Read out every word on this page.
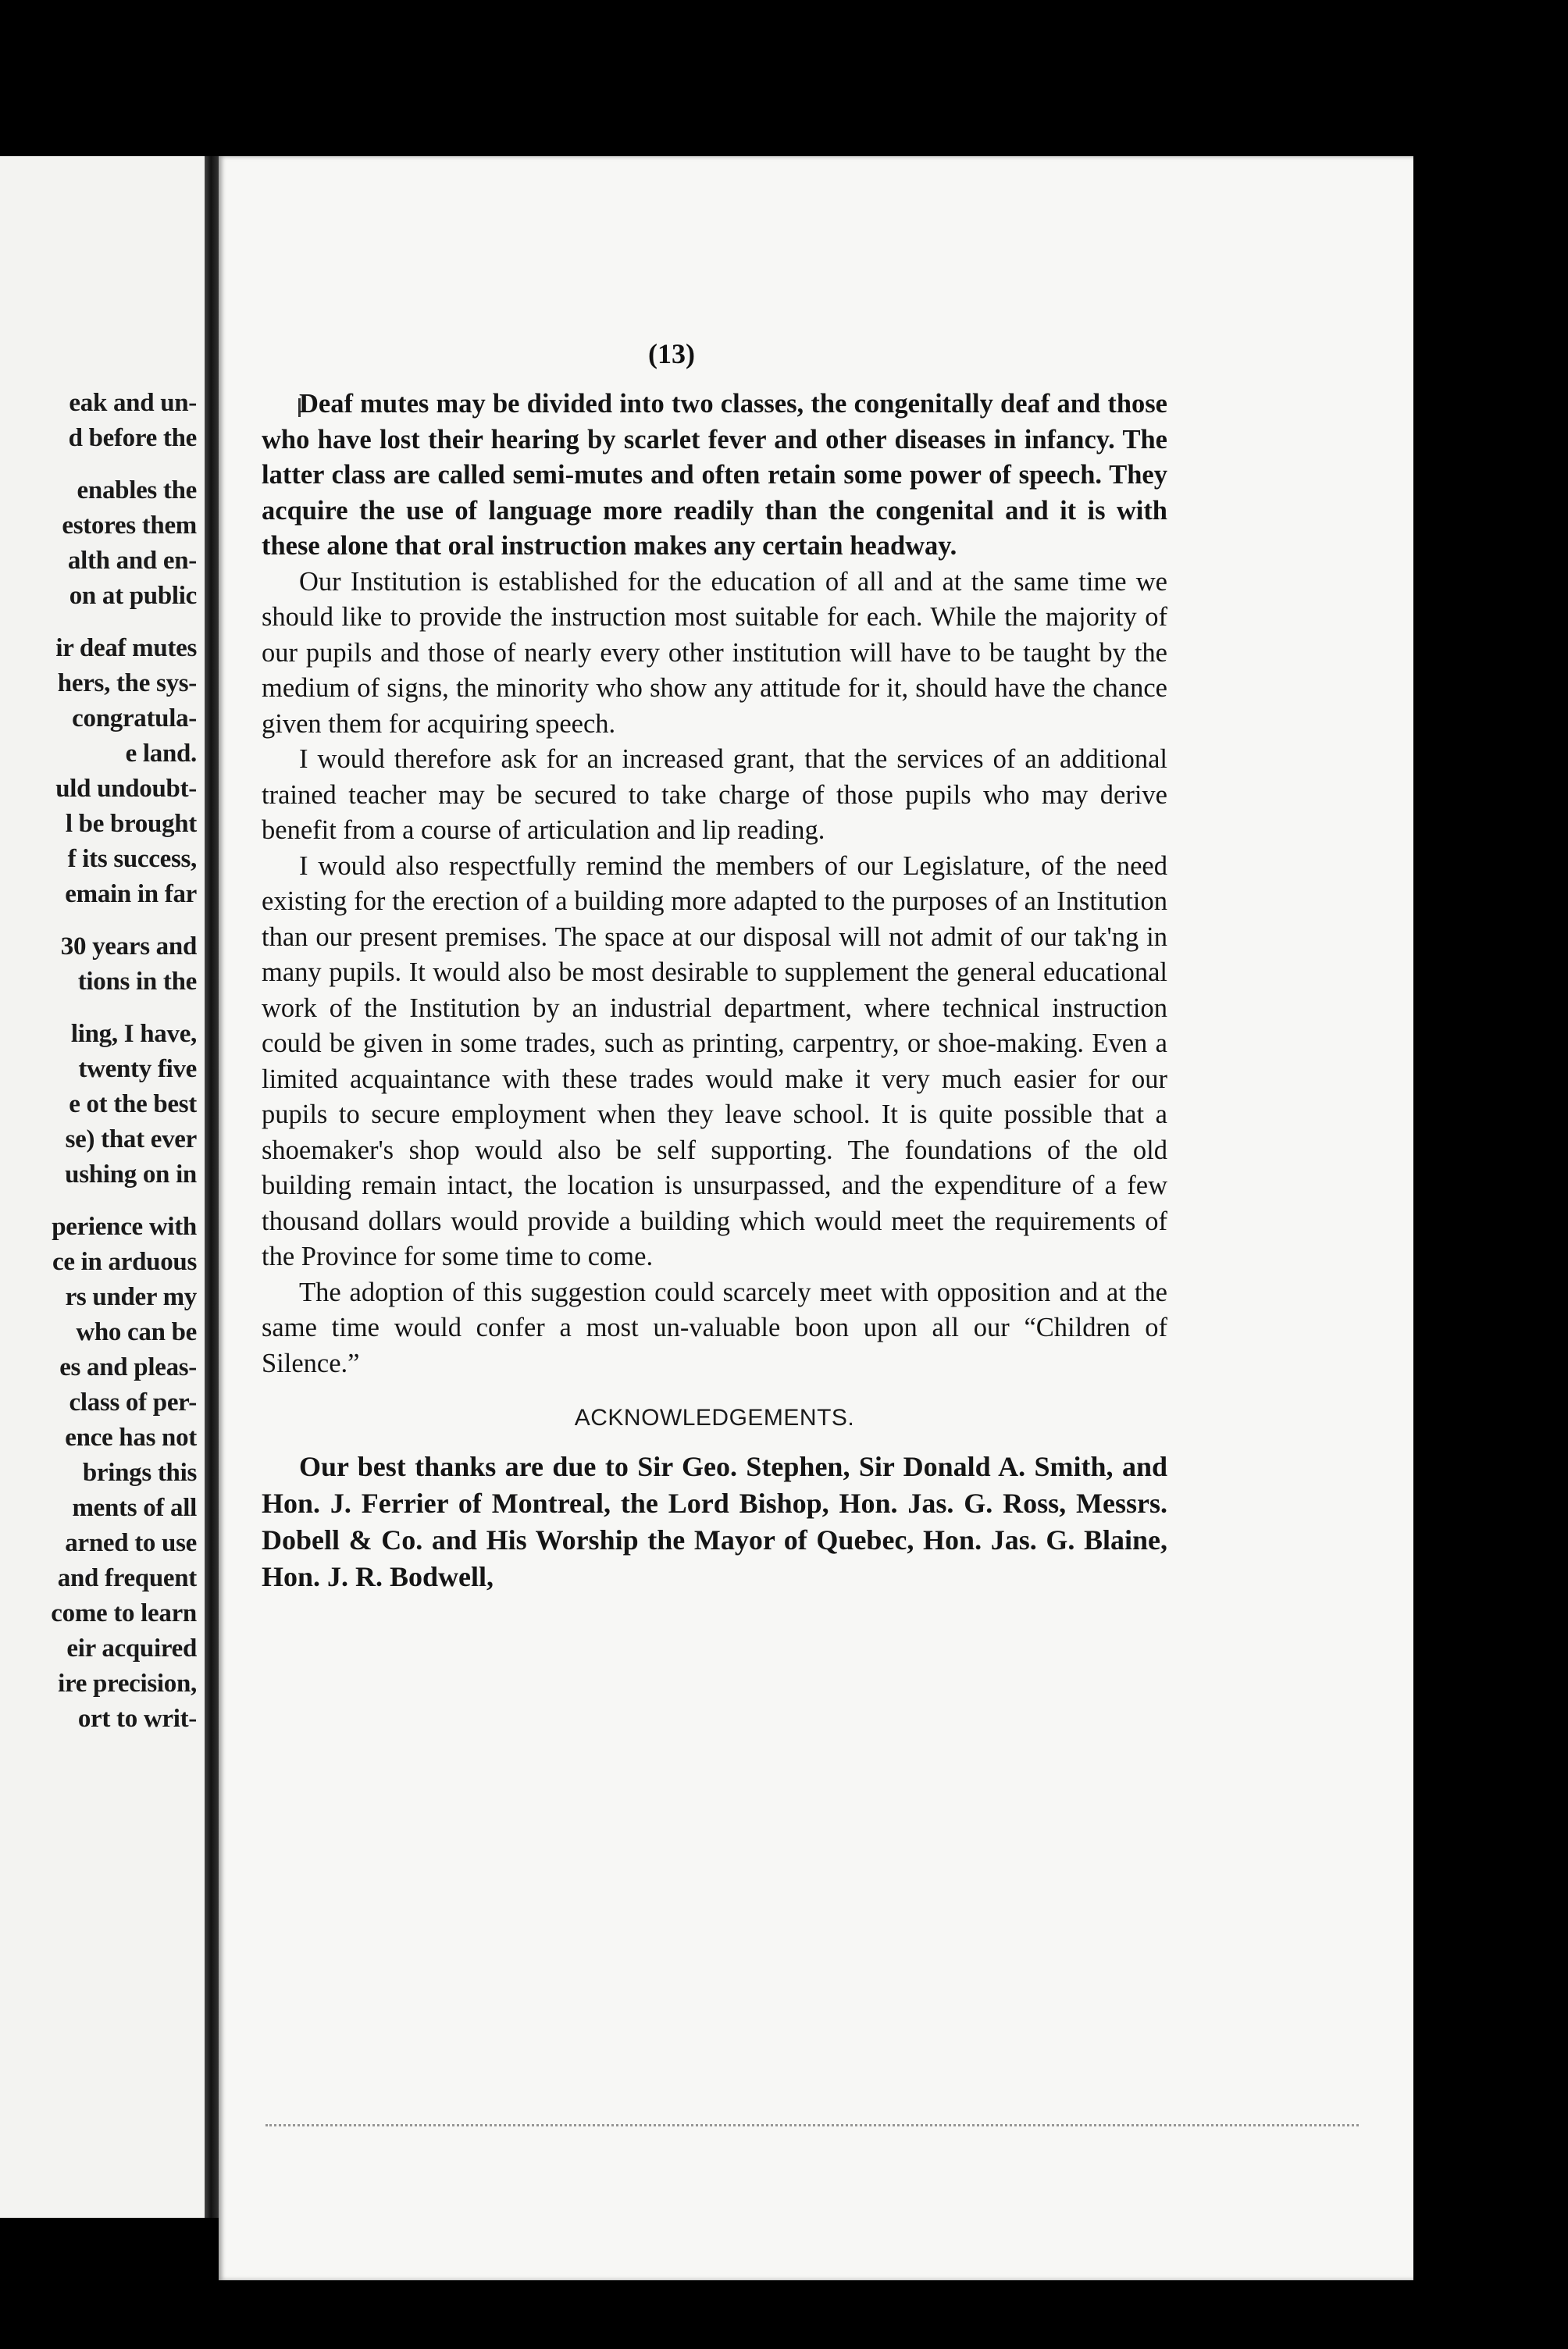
eak and un-
d before the
enables the
estores them
alth and en-
on at public
ir deaf mutes
hers, the sys-
congratula-
e land.
uld undoubt-
l be brought
f its success,
emain in far
30 years and
tions in the
ling, I have,
twenty five
e ot the best
se) that ever
ushing on in
perience with
ce in arduous
rs under my
who can be
es and pleas-
class of per-
ence has not
brings this
ments of all
arned to use
and frequent
come to learn
eir acquired
ire precision,
ort to writ-
(13)

Deaf mutes may be divided into two classes, the congenitally deaf and those who have lost their hearing by scarlet fever and other diseases in infancy. The latter class are called semi-mutes and often retain some power of speech. They acquire the use of language more readily than the congenital and it is with these alone that oral instruction makes any certain headway.

Our Institution is established for the education of all and at the same time we should like to provide the instruction most suitable for each. While the majority of our pupils and those of nearly every other institution will have to be taught by the medium of signs, the minority who show any attitude for it, should have the chance given them for acquiring speech.

I would therefore ask for an increased grant, that the services of an additional trained teacher may be secured to take charge of those pupils who may derive benefit from a course of articulation and lip reading.

I would also respectfully remind the members of our Legislature, of the need existing for the erection of a building more adapted to the purposes of an Institution than our present premises. The space at our disposal will not admit of our tak'ng in many pupils. It would also be most desirable to supplement the general educational work of the Institution by an industrial department, where technical instruction could be given in some trades, such as printing, carpentry, or shoe-making. Even a limited acquaintance with these trades would make it very much easier for our pupils to secure employment when they leave school. It is quite possible that a shoemaker's shop would also be self supporting. The foundations of the old building remain intact, the location is unsurpassed, and the expenditure of a few thousand dollars would provide a building which would meet the requirements of the Province for some time to come.

The adoption of this suggestion could scarcely meet with opposition and at the same time would confer a most un-valuable boon upon all our “Children of Silence.”

ACKNOWLEDGEMENTS.

Our best thanks are due to Sir Geo. Stephen, Sir Donald A. Smith, and Hon. J. Ferrier of Montreal, the Lord Bishop, Hon. Jas. G. Ross, Messrs. Dobell & Co. and His Worship the Mayor of Quebec, Hon. Jas. G. Blaine, Hon. J. R. Bodwell,
